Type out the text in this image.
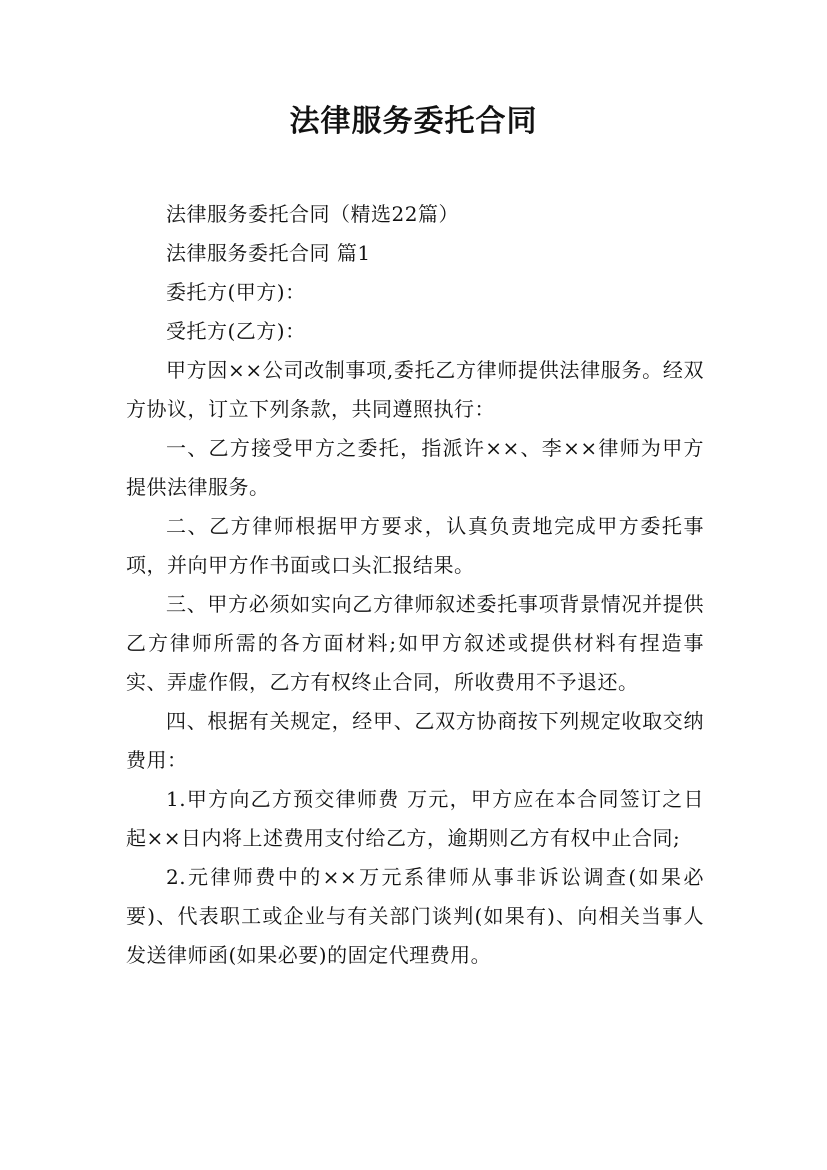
法律服务委托合同

法律服务委托合同（精选22篇）

法律服务委托合同 篇1

委托方(甲方)：

受托方(乙方)：

甲方因××公司改制事项,委托乙方律师提供法律服务。经双方协议，订立下列条款，共同遵照执行：

一、乙方接受甲方之委托，指派许××、李××律师为甲方提供法律服务。

二、乙方律师根据甲方要求，认真负责地完成甲方委托事项，并向甲方作书面或口头汇报结果。

三、甲方必须如实向乙方律师叙述委托事项背景情况并提供乙方律师所需的各方面材料;如甲方叙述或提供材料有捏造事实、弄虚作假，乙方有权终止合同，所收费用不予退还。

四、根据有关规定，经甲、乙双方协商按下列规定收取交纳费用：

1.甲方向乙方预交律师费 万元，甲方应在本合同签订之日起××日内将上述费用支付给乙方，逾期则乙方有权中止合同;

2.元律师费中的××万元系律师从事非诉讼调查(如果必要)、代表职工或企业与有关部门谈判(如果有)、向相关当事人发送律师函(如果必要)的固定代理费用。
